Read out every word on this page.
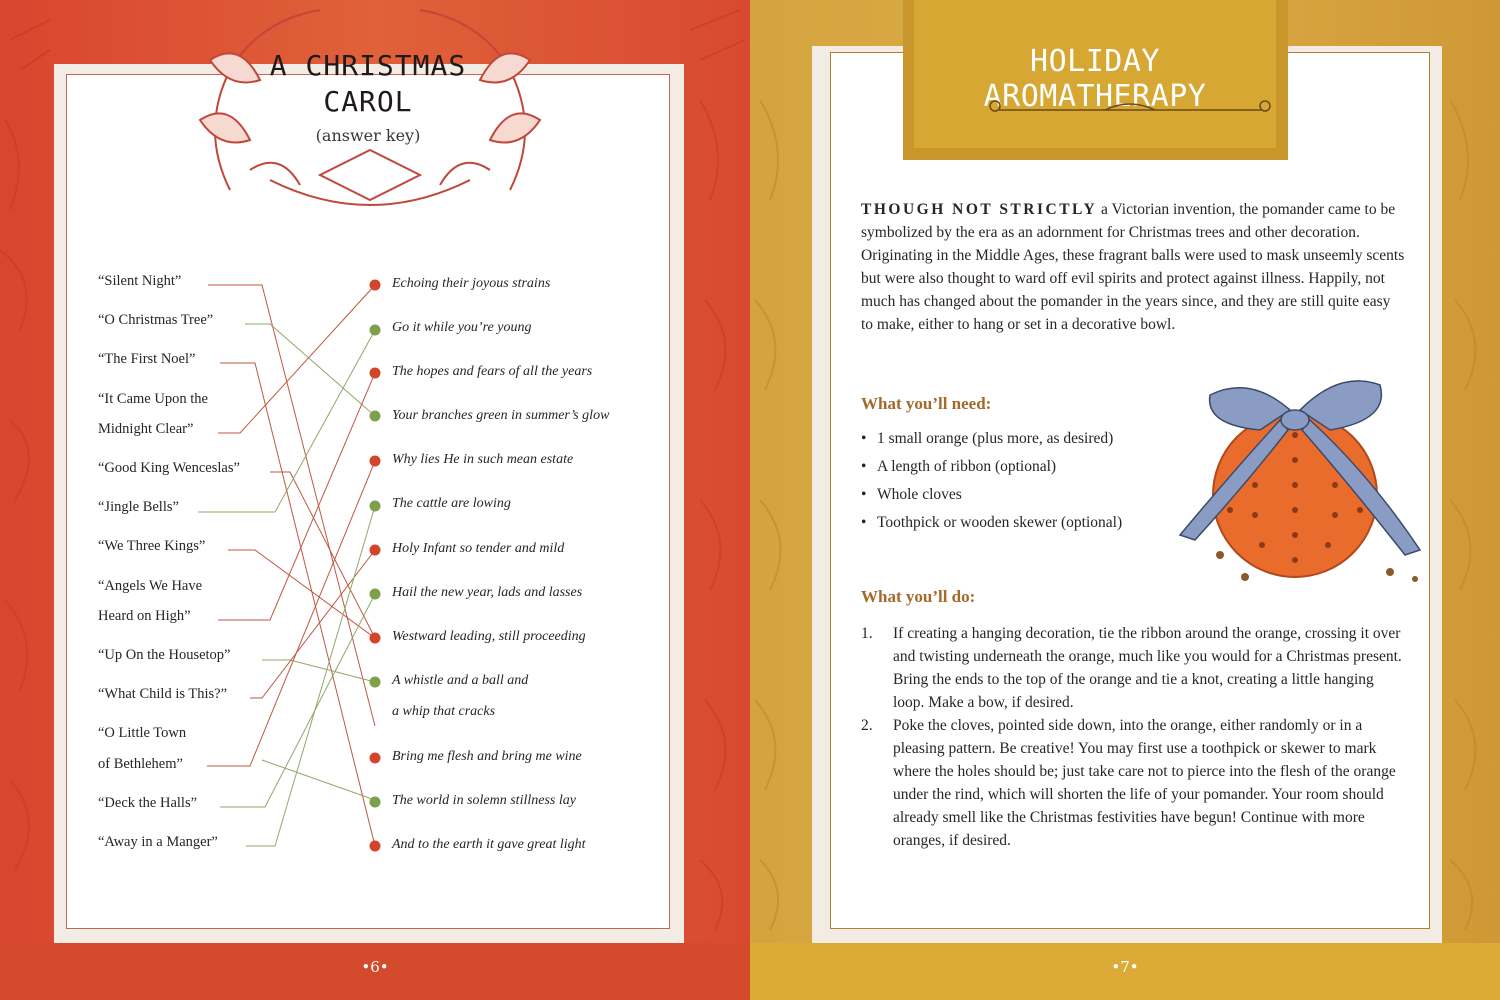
A CHRISTMAS CAROL
(answer key)
“Silent Night”
“O Christmas Tree”
“The First Noel”
“It Came Upon the
Midnight Clear”
“Good King Wenceslas”
“Jingle Bells”
“We Three Kings”
“Angels We Have
Heard on High”
“Up On the Housetop”
“What Child is This?”
“O Little Town
of Bethlehem”
“Deck the Halls”
“Away in a Manger”
Echoing their joyous strains
Go it while you’re young
The hopes and fears of all the years
Your branches green in summer’s glow
Why lies He in such mean estate
The cattle are lowing
Holy Infant so tender and mild
Hail the new year, lads and lasses
Westward leading, still proceeding
A whistle and a ball and
a whip that cracks
Bring me flesh and bring me wine
The world in solemn stillness lay
And to the earth it gave great light
•6•
HOLIDAY AROMATHERAPY
THOUGH NOT STRICTLY a Victorian invention, the pomander came to be symbolized by the era as an adornment for Christmas trees and other decoration. Originating in the Middle Ages, these fragrant balls were used to mask unseemly scents but were also thought to ward off evil spirits and protect against illness. Happily, not much has changed about the pomander in the years since, and they are still quite easy to make, either to hang or set in a decorative bowl.
What you’ll need:
• 1 small orange (plus more, as desired)
• A length of ribbon (optional)
• Whole cloves
• Toothpick or wooden skewer (optional)
What you’ll do:
1. If creating a hanging decoration, tie the ribbon around the orange, crossing it over and twisting underneath the orange, much like you would for a Christmas present. Bring the ends to the top of the orange and tie a knot, creating a little hanging loop. Make a bow, if desired.
2. Poke the cloves, pointed side down, into the orange, either randomly or in a pleasing pattern. Be creative! You may first use a toothpick or skewer to mark where the holes should be; just take care not to pierce into the flesh of the orange under the rind, which will shorten the life of your pomander. Your room should already smell like the Christmas festivities have begun! Continue with more oranges, if desired.
•7•
